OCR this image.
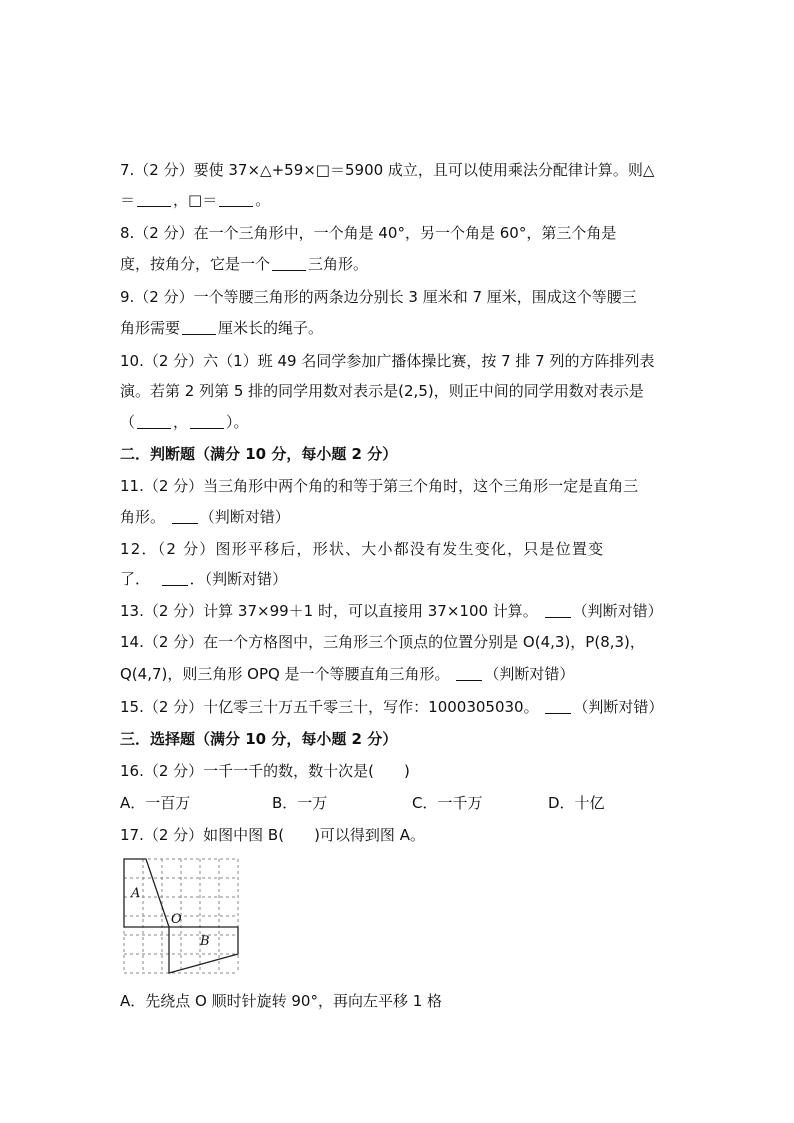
7.（2 分）要使 37×△+59×□＝5900 成立，且可以使用乘法分配律计算。则△
＝	，□＝	。
8.（2 分）在一个三角形中，一个角是 40°，另一个角是 60°，第三个角是
度，按角分，它是一个	三角形。
9.（2 分）一个等腰三角形的两条边分别长 3 厘米和 7 厘米，围成这个等腰三
角形需要	厘米长的绳子。
10.（2 分）六（1）班 49 名同学参加广播体操比赛，按 7 排 7 列的方阵排列表
演。若第 2 列第 5 排的同学用数对表示是(2,5)，则正中间的同学用数对表示是
（	，	）。
二．判断题（满分 10 分，每小题 2 分）
11.（2 分）当三角形中两个角的和等于第三个角时，这个三角形一定是直角三
角形。 （判断对错）
12．（2 分）图形平移后，形状、大小都没有发生变化，只是位置变
了．	．（判断对错）
13.（2 分）计算 37×99＋1 时，可以直接用 37×100 计算。 （判断对错）
14.（2 分）在一个方格图中，三角形三个顶点的位置分别是 O(4,3)，P(8,3)，
Q(4,7)，则三角形 OPQ 是一个等腰直角三角形。 （判断对错）
15.（2 分）十亿零三十万五千零三十，写作：1000305030。 （判断对错）
三．选择题（满分 10 分，每小题 2 分）
16.（2 分）一千一千的数，数十次是(　　)
A．一百万	B．一万	C．一千万	D．十亿
17.（2 分）如图中图 B(　　)可以得到图 A。
A
O
B
A．先绕点 O 顺时针旋转 90°，再向左平移 1 格
